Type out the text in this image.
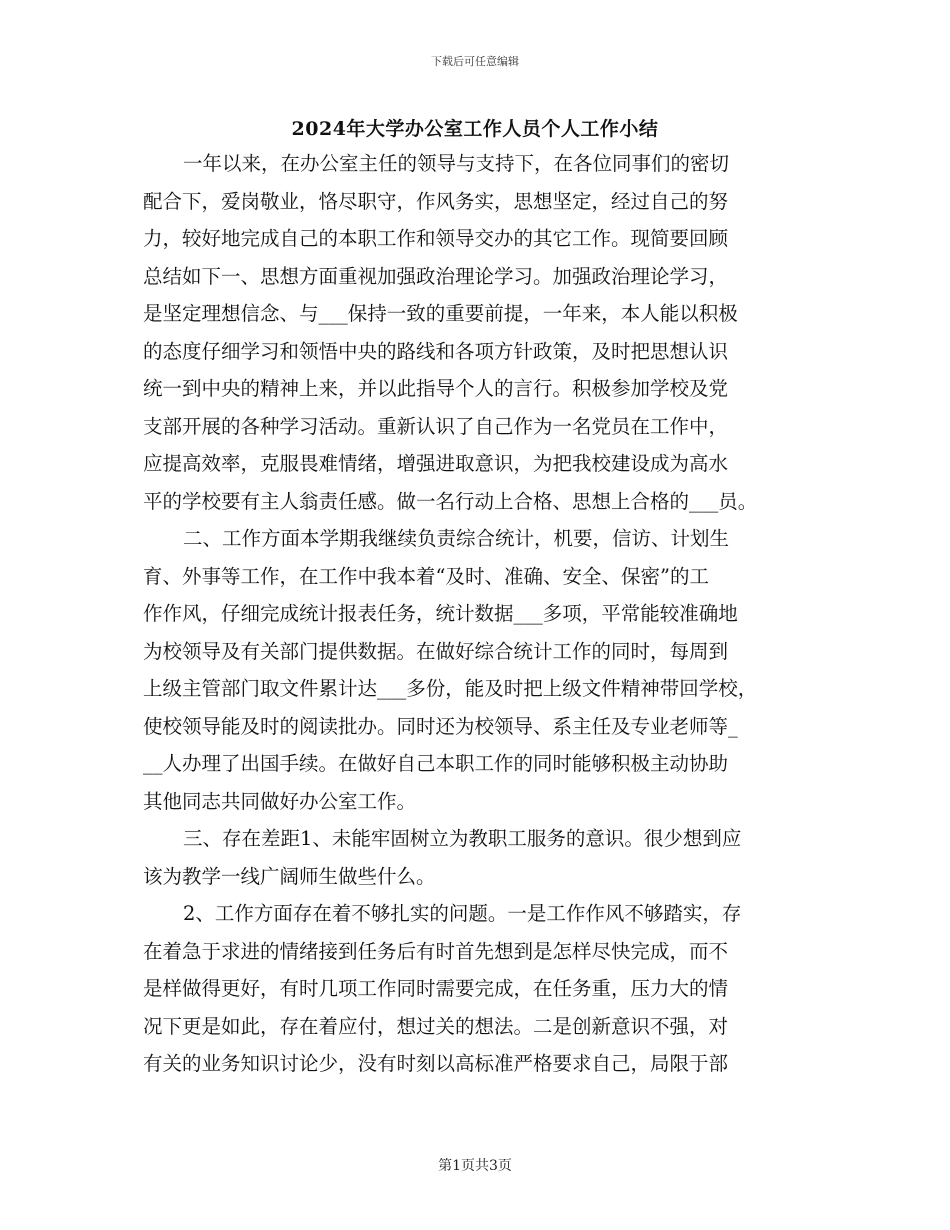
下载后可任意编辑
2024年大学办公室工作人员个人工作小结
一年以来，在办公室主任的领导与支持下，在各位同事们的密切
配合下，爱岗敬业，恪尽职守，作风务实，思想坚定，经过自己的努
力，较好地完成自己的本职工作和领导交办的其它工作。现简要回顾
总结如下一、思想方面重视加强政治理论学习。加强政治理论学习，
是坚定理想信念、与___保持一致的重要前提，一年来，本人能以积极
的态度仔细学习和领悟中央的路线和各项方针政策，及时把思想认识
统一到中央的精神上来，并以此指导个人的言行。积极参加学校及党
支部开展的各种学习活动。重新认识了自己作为一名党员在工作中，
应提高效率，克服畏难情绪，增强进取意识，为把我校建设成为高水
平的学校要有主人翁责任感。做一名行动上合格、思想上合格的___员。
二、工作方面本学期我继续负责综合统计，机要，信访、计划生
育、外事等工作，在工作中我本着“及时、准确、安全、保密”的工
作作风，仔细完成统计报表任务，统计数据___多项，平常能较准确地
为校领导及有关部门提供数据。在做好综合统计工作的同时，每周到
上级主管部门取文件累计达___多份，能及时把上级文件精神带回学校，
使校领导能及时的阅读批办。同时还为校领导、系主任及专业老师等_
__人办理了出国手续。在做好自己本职工作的同时能够积极主动协助
其他同志共同做好办公室工作。
三、存在差距1、未能牢固树立为教职工服务的意识。很少想到应
该为教学一线广阔师生做些什么。
2、工作方面存在着不够扎实的问题。一是工作作风不够踏实，存
在着急于求进的情绪接到任务后有时首先想到是怎样尽快完成，而不
是样做得更好，有时几项工作同时需要完成，在任务重，压力大的情
况下更是如此，存在着应付，想过关的想法。二是创新意识不强，对
有关的业务知识讨论少，没有时刻以高标准严格要求自己，局限于部
第1页共3页
